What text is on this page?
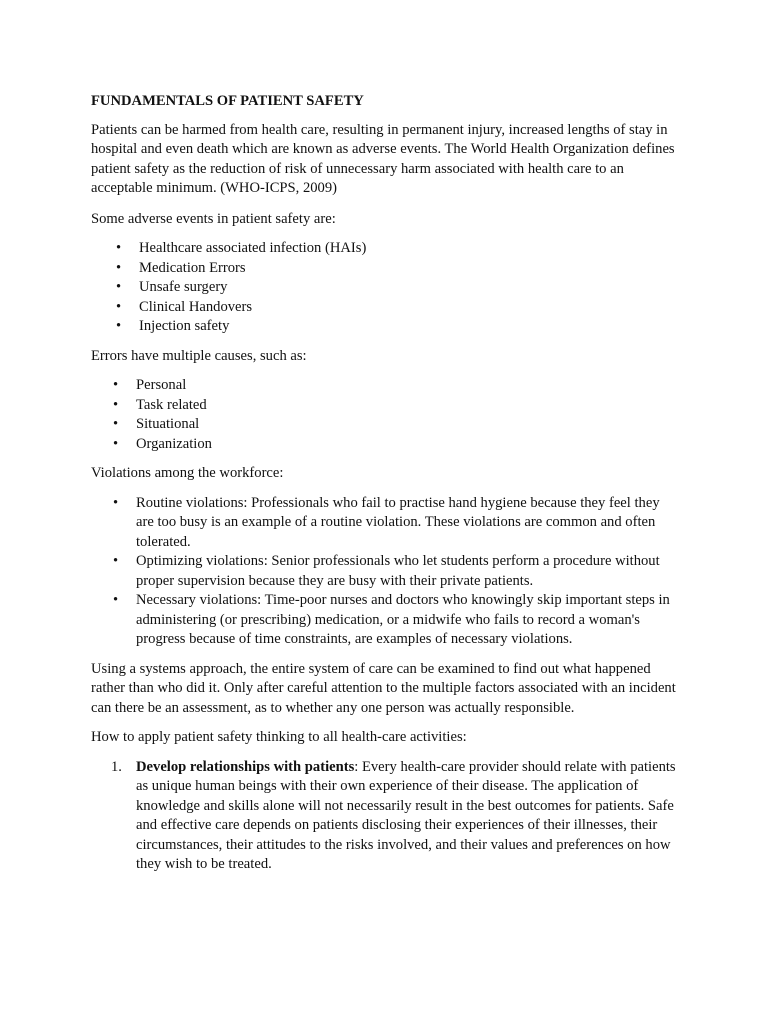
FUNDAMENTALS OF PATIENT SAFETY

Patients can be harmed from health care, resulting in permanent injury, increased lengths of stay in hospital and even death which are known as adverse events. The World Health Organization defines patient safety as the reduction of risk of unnecessary harm associated with health care to an acceptable minimum. (WHO-ICPS, 2009)

Some adverse events in patient safety are:

• Healthcare associated infection (HAIs)
• Medication Errors
• Unsafe surgery
• Clinical Handovers
• Injection safety

Errors have multiple causes, such as:

• Personal
• Task related
• Situational
• Organization

Violations among the workforce:

• Routine violations: Professionals who fail to practise hand hygiene because they feel they are too busy is an example of a routine violation. These violations are common and often tolerated.
• Optimizing violations: Senior professionals who let students perform a procedure without proper supervision because they are busy with their private patients.
• Necessary violations: Time-poor nurses and doctors who knowingly skip important steps in administering (or prescribing) medication, or a midwife who fails to record a woman's progress because of time constraints, are examples of necessary violations.

Using a systems approach, the entire system of care can be examined to find out what happened rather than who did it. Only after careful attention to the multiple factors associated with an incident can there be an assessment, as to whether any one person was actually responsible.

How to apply patient safety thinking to all health-care activities:

1. Develop relationships with patients: Every health-care provider should relate with patients as unique human beings with their own experience of their disease. The application of knowledge and skills alone will not necessarily result in the best outcomes for patients. Safe and effective care depends on patients disclosing their experiences of their illnesses, their circumstances, their attitudes to the risks involved, and their values and preferences on how they wish to be treated.
